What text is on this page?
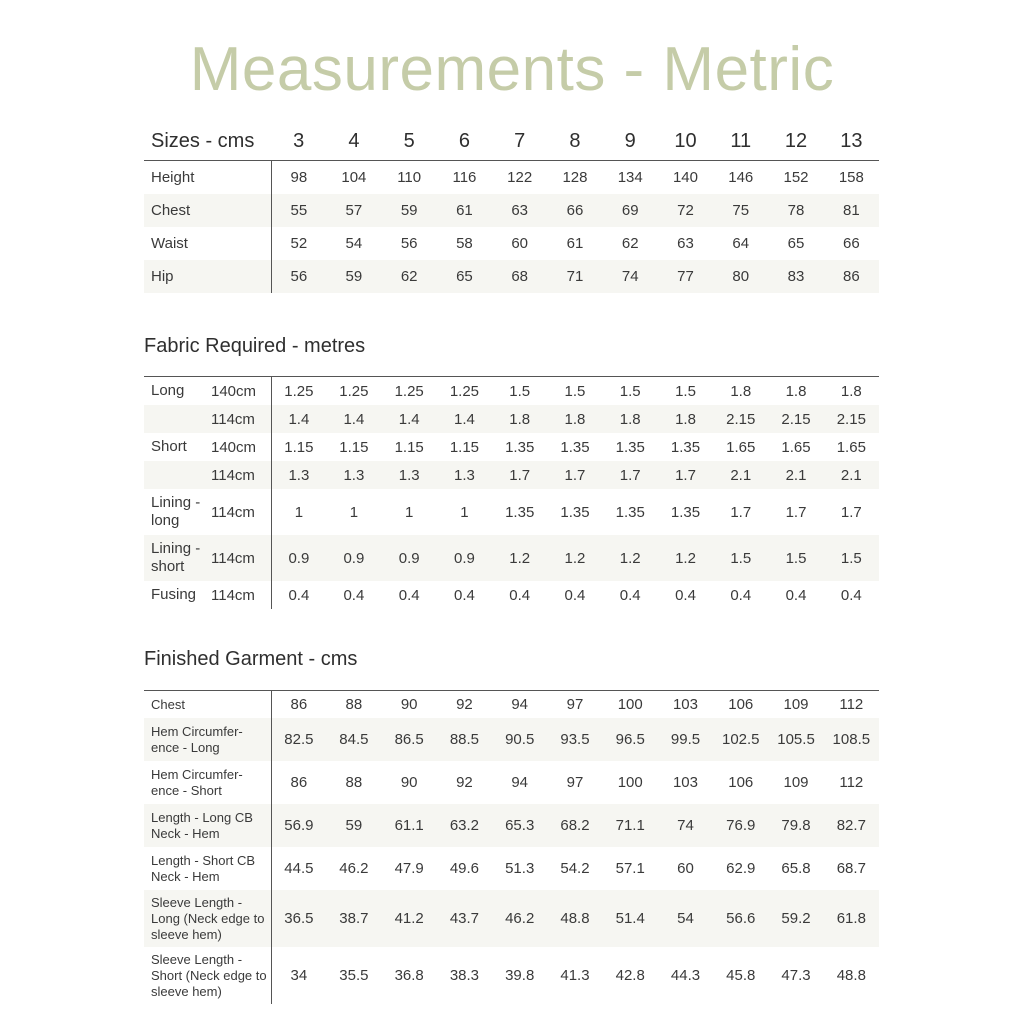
Measurements - Metric
Sizes - cms	3	4	5	6	7	8	9	10	11	12	13
Height	98	104	110	116	122	128	134	140	146	152	158
Chest	55	57	59	61	63	66	69	72	75	78	81
Waist	52	54	56	58	60	61	62	63	64	65	66
Hip	56	59	62	65	68	71	74	77	80	83	86
Fabric Required - metres
Long	140cm	1.25	1.25	1.25	1.25	1.5	1.5	1.5	1.5	1.8	1.8	1.8
	114cm	1.4	1.4	1.4	1.4	1.8	1.8	1.8	1.8	2.15	2.15	2.15
Short	140cm	1.15	1.15	1.15	1.15	1.35	1.35	1.35	1.35	1.65	1.65	1.65
	114cm	1.3	1.3	1.3	1.3	1.7	1.7	1.7	1.7	2.1	2.1	2.1
Lining - long	114cm	1	1	1	1	1.35	1.35	1.35	1.35	1.7	1.7	1.7
Lining -short	114cm	0.9	0.9	0.9	0.9	1.2	1.2	1.2	1.2	1.5	1.5	1.5
Fusing	114cm	0.4	0.4	0.4	0.4	0.4	0.4	0.4	0.4	0.4	0.4	0.4
Finished Garment - cms
Chest	86	88	90	92	94	97	100	103	106	109	112
Hem Circumfer- ence - Long	82.5	84.5	86.5	88.5	90.5	93.5	96.5	99.5	102.5	105.5	108.5
Hem Circumfer- ence - Short	86	88	90	92	94	97	100	103	106	109	112
Length - Long CB Neck - Hem	56.9	59	61.1	63.2	65.3	68.2	71.1	74	76.9	79.8	82.7
Length - Short CB Neck - Hem	44.5	46.2	47.9	49.6	51.3	54.2	57.1	60	62.9	65.8	68.7
Sleeve Length - Long (Neck edge to sleeve hem)	36.5	38.7	41.2	43.7	46.2	48.8	51.4	54	56.6	59.2	61.8
Sleeve Length - Short (Neck edge to sleeve hem)	34	35.5	36.8	38.3	39.8	41.3	42.8	44.3	45.8	47.3	48.8
